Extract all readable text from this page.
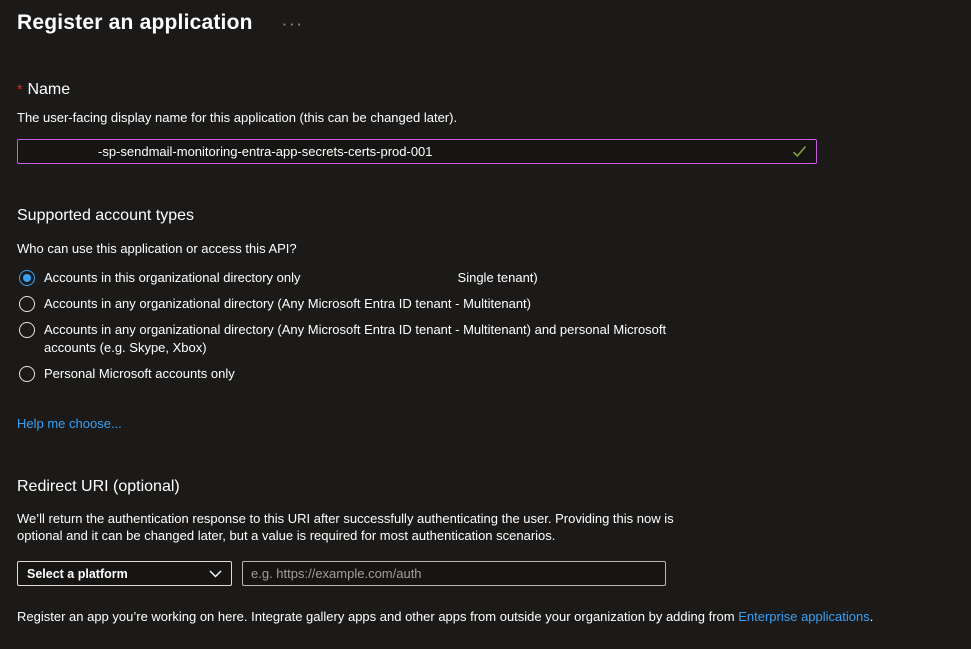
Register an application ···
* Name
The user-facing display name for this application (this can be changed later).
-sp-sendmail-monitoring-entra-app-secrets-certs-prod-001
Supported account types
Who can use this application or access this API?
Accounts in this organizational directory only	Single tenant)
Accounts in any organizational directory (Any Microsoft Entra ID tenant - Multitenant)
Accounts in any organizational directory (Any Microsoft Entra ID tenant - Multitenant) and personal Microsoft accounts (e.g. Skype, Xbox)
Personal Microsoft accounts only
Help me choose...
Redirect URI (optional)
We’ll return the authentication response to this URI after successfully authenticating the user. Providing this now is optional and it can be changed later, but a value is required for most authentication scenarios.
Select a platform
e.g. https://example.com/auth
Register an app you’re working on here. Integrate gallery apps and other apps from outside your organization by adding from Enterprise applications.
